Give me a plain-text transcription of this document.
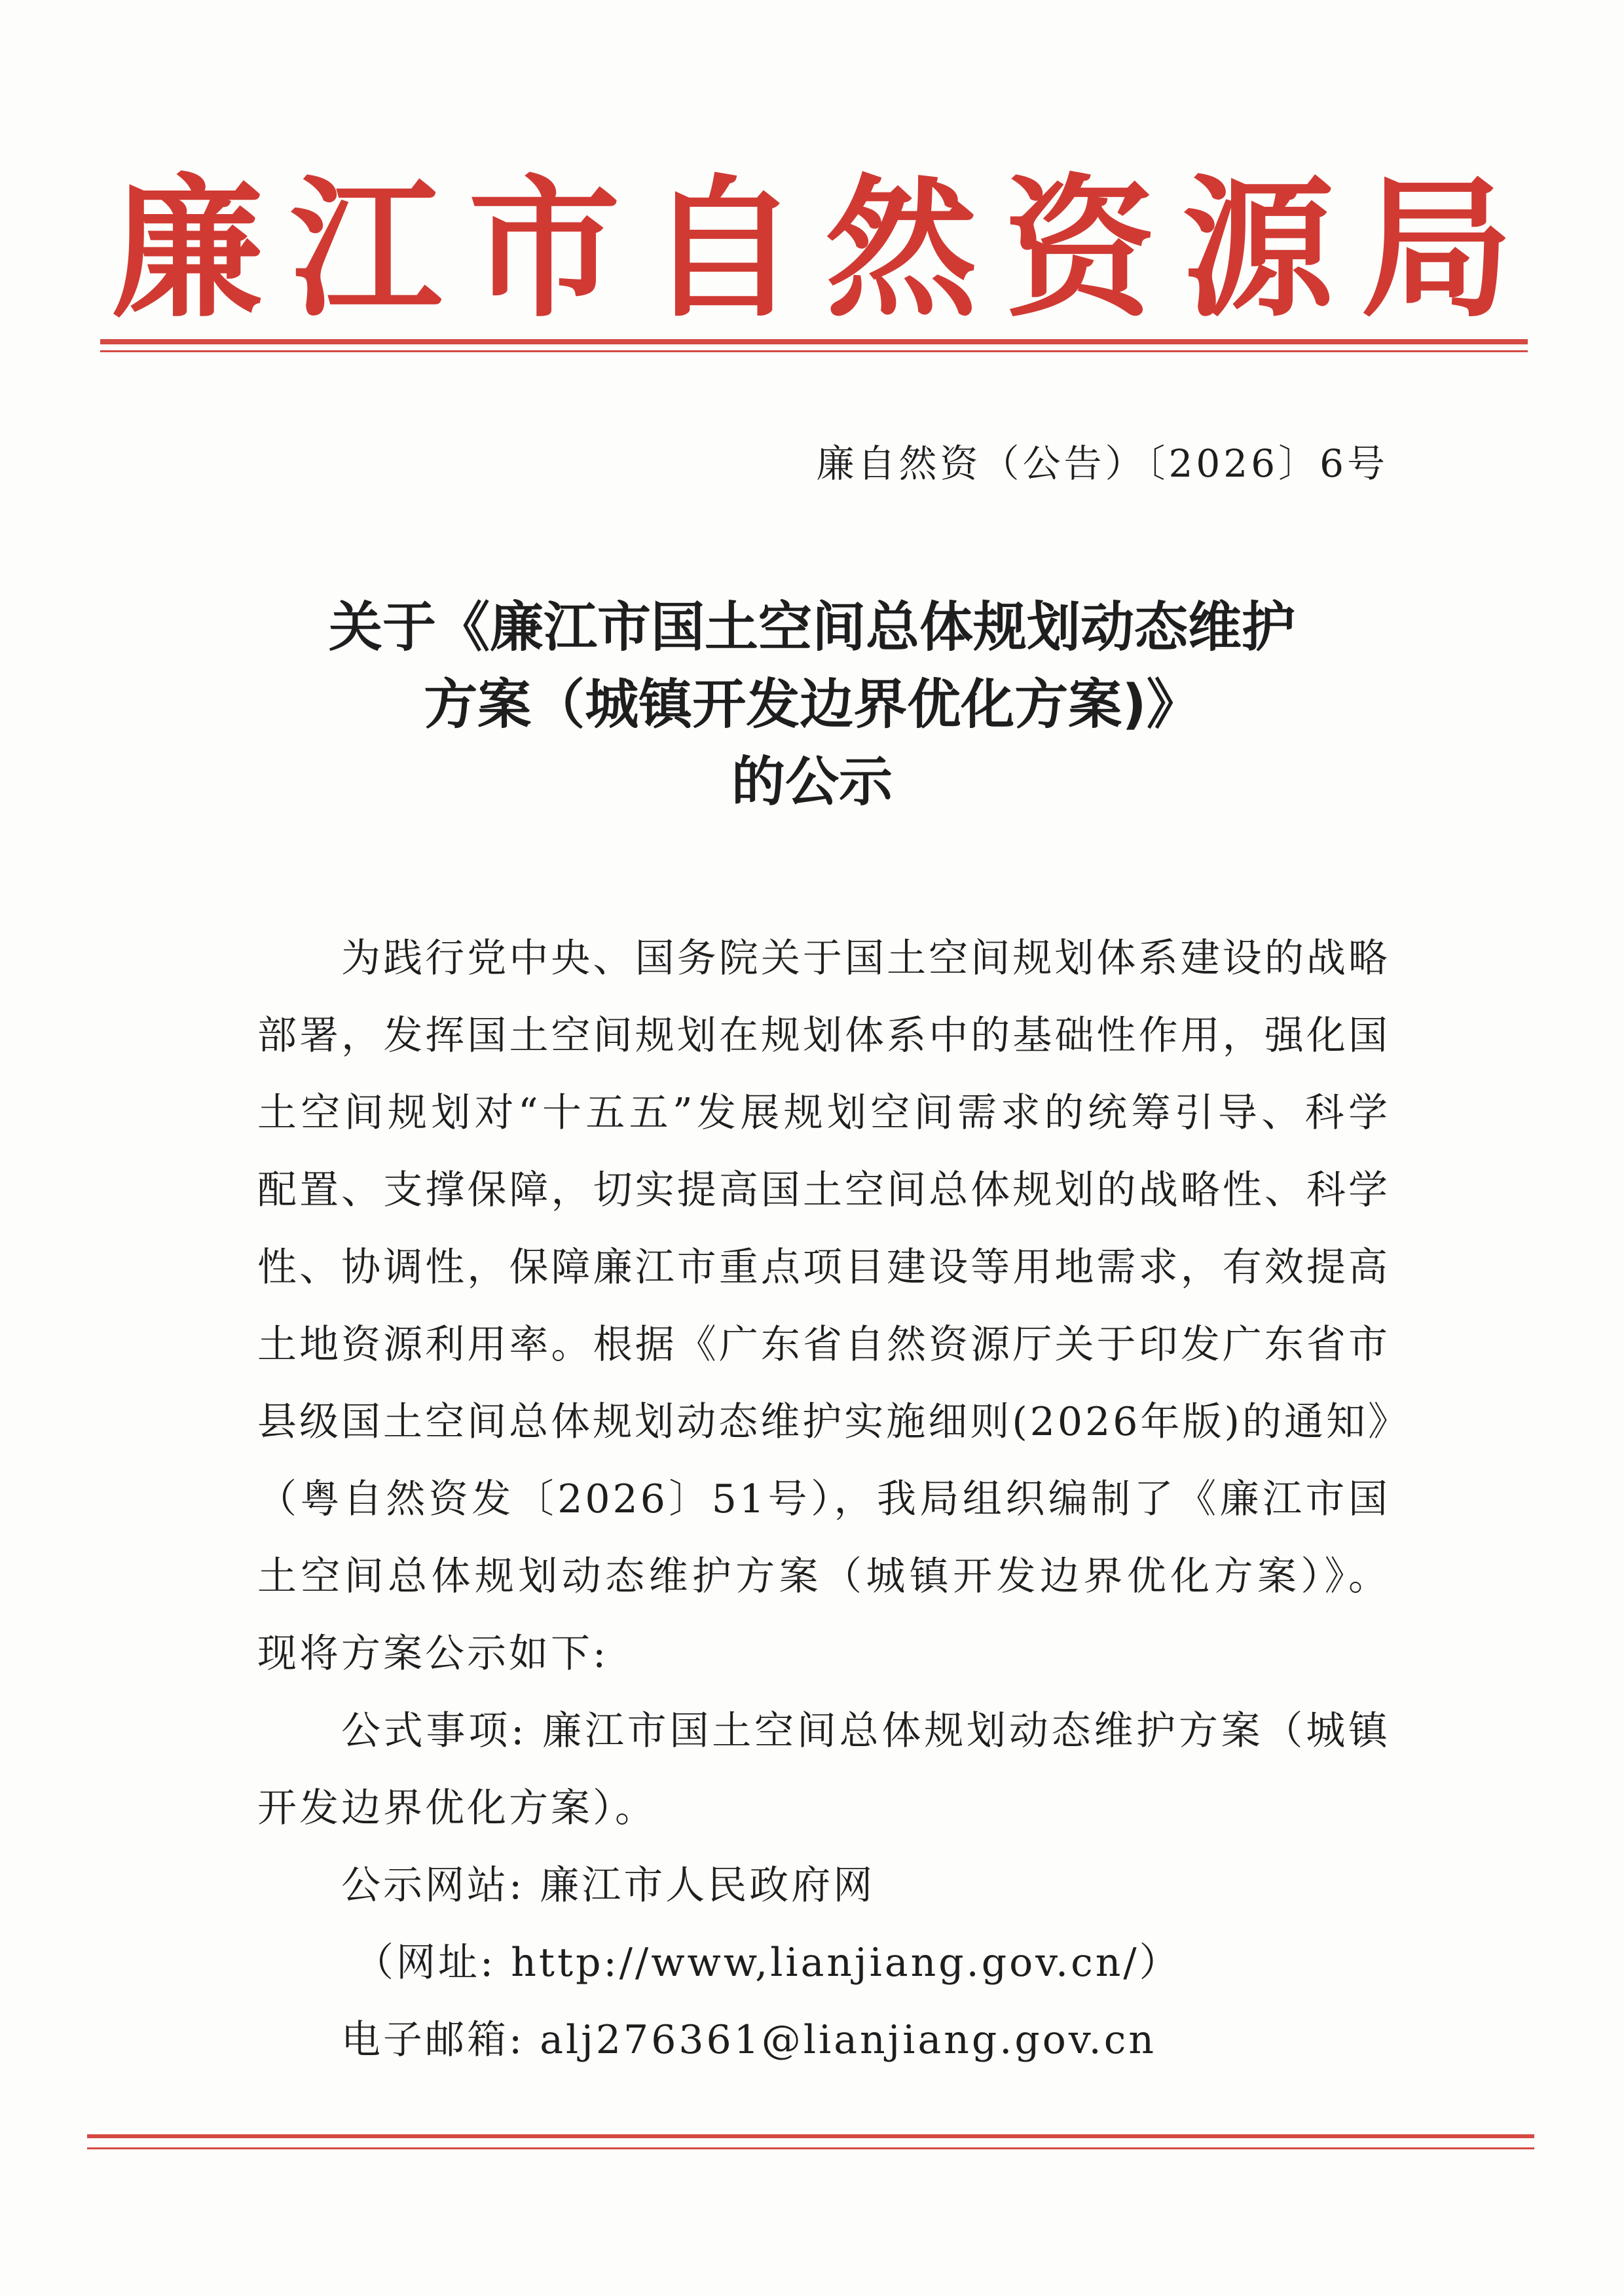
廉 江 市 自 然 资 源 局
廉自然资（公告）〔2026〕6号
关于《廉江市国土空间总体规划动态维护
方案（城镇开发边界优化方案)》
的公示

为践行党中央、国务院关于国土空间规划体系建设的战略部署，发挥国土空间规划在规划体系中的基础性作用，强化国土空间规划对“十五五”发展规划空间需求的统筹引导、科学配置、支撑保障，切实提高国土空间总体规划的战略性、科学性、协调性，保障廉江市重点项目建设等用地需求，有效提高土地资源利用率。根据《广东省自然资源厅关于印发广东省市县级国土空间总体规划动态维护实施细则(2026年版)的通知》（粤自然资发〔2026〕51号），我局组织编制了《廉江市国土空间总体规划动态维护方案（城镇开发边界优化方案）》。现将方案公示如下:

公式事项: 廉江市国土空间总体规划动态维护方案（城镇开发边界优化方案）。

公示网站: 廉江市人民政府网
（网址: http://www,lianjiang.gov.cn/）
电子邮箱: alj276361@lianjiang.gov.cn
